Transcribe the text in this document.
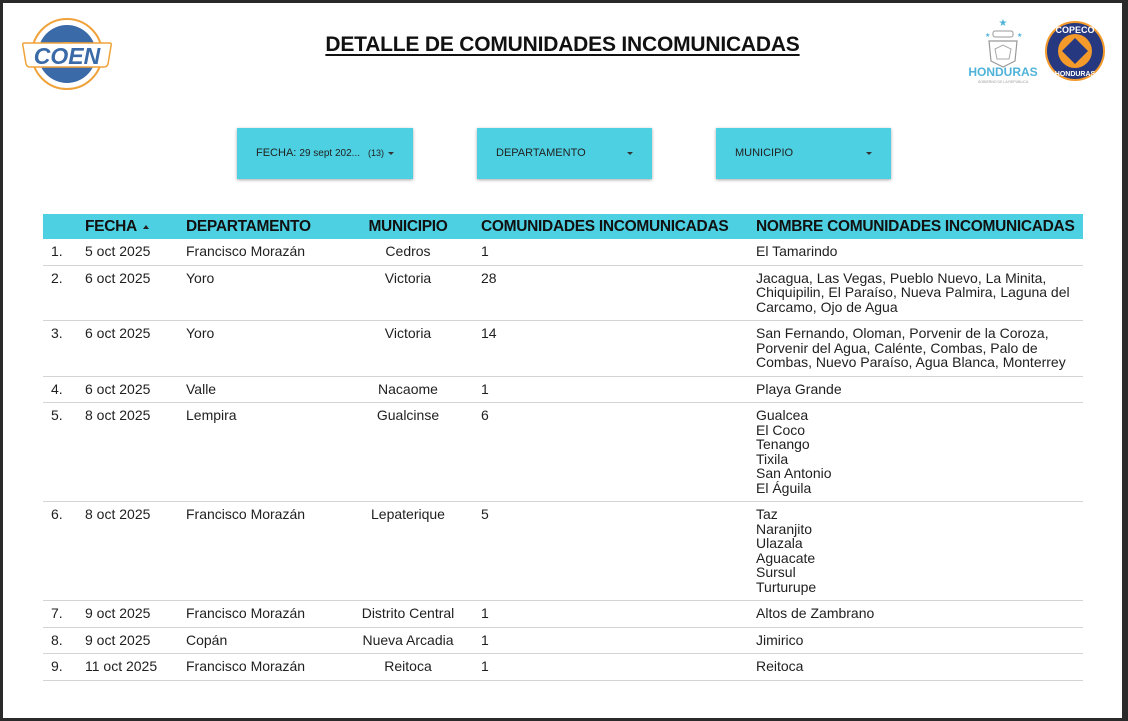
COEN	DETALLE DE COMUNIDADES INCOMUNICADAS
★
★	★
HONDURAS
GOBIERNO DE LA REPÚBLICA
COPECO
HONDURAS
FECHA: 29 sept 202... (13)	DEPARTAMENTO	MUNICIPIO
FECHA	DEPARTAMENTO	MUNICIPIO	COMUNIDADES INCOMUNICADAS	NOMBRE COMUNIDADES INCOMUNICADAS
1.	5 oct 2025	Francisco Morazán	Cedros	1	El Tamarindo
2.	6 oct 2025	Yoro	Victoria	28	Jacagua, Las Vegas, Pueblo Nuevo, La Minita,
Chiquipilin, El Paraíso, Nueva Palmira, Laguna del
Carcamo, Ojo de Agua
3.	6 oct 2025	Yoro	Victoria	14	San Fernando, Oloman, Porvenir de la Coroza,
Porvenir del Agua, Calénte, Combas, Palo de
Combas, Nuevo Paraíso, Agua Blanca, Monterrey
4.	6 oct 2025	Valle	Nacaome	1	Playa Grande
5.	8 oct 2025	Lempira	Gualcinse	6	Gualcea
El Coco
Tenango
Tixila
San Antonio
El Águila
6.	8 oct 2025	Francisco Morazán	Lepaterique	5	Taz
Naranjito
Ulazala
Aguacate
Sursul
Turturupe
7.	9 oct 2025	Francisco Morazán	Distrito Central	1	Altos de Zambrano
8.	9 oct 2025	Copán	Nueva Arcadia	1	Jimirico
9.	11 oct 2025	Francisco Morazán	Reitoca	1	Reitoca
